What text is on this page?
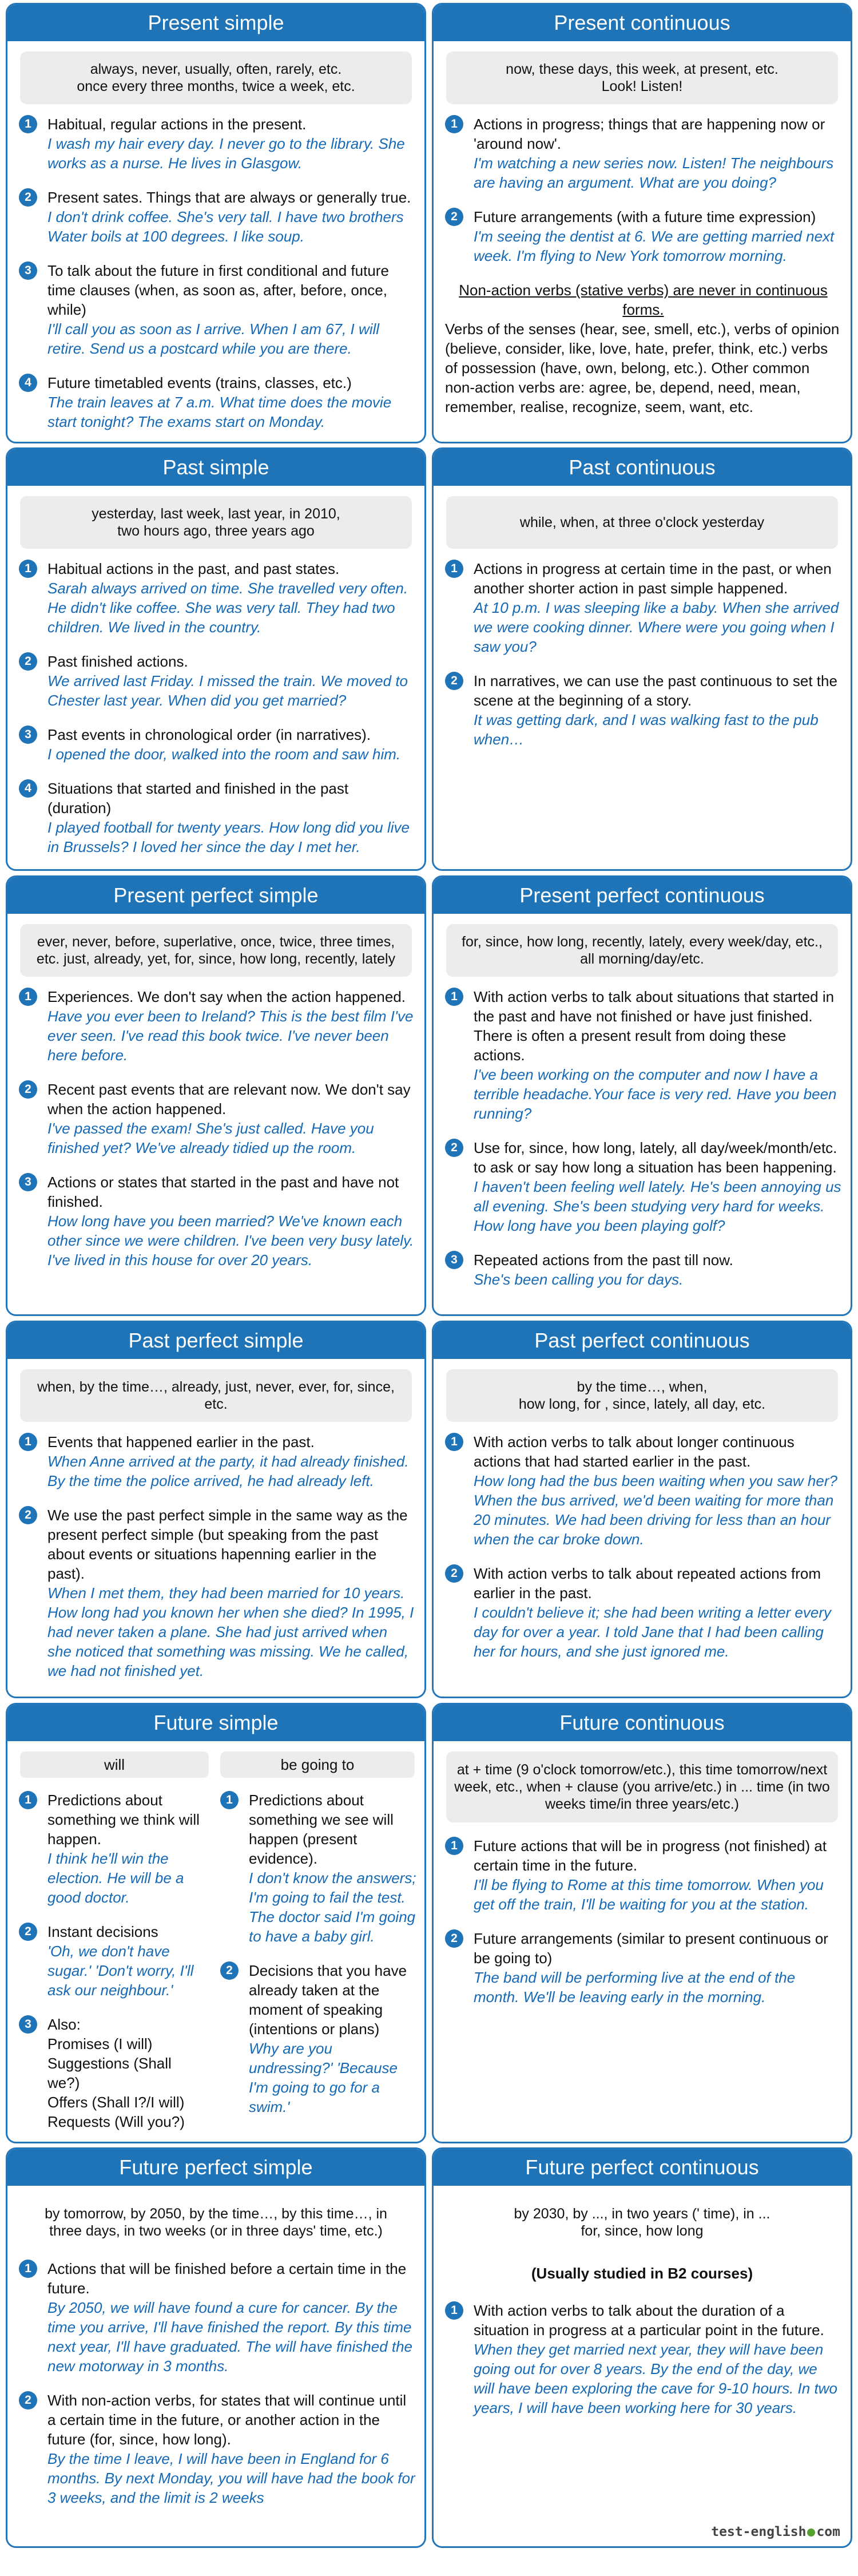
Present simple
always, never, usually, often, rarely, etc.
once every three months, twice a week, etc.
1	Habitual, regular actions in the present.
I wash my hair every day. I never go to the library. She works as a nurse. He lives in Glasgow.
2	Present sates. Things that are always or generally true.
I don't drink coffee. She's very tall. I have two brothers Water boils at 100 degrees. I like soup.
3	To talk about the future in first conditional and future time clauses (when, as soon as, after, before, once, while)
I'll call you as soon as I arrive. When I am 67, I will retire. Send us a postcard while you are there.
4	Future timetabled events (trains, classes, etc.)
The train leaves at 7 a.m. What time does the movie start tonight? The exams start on Monday.
Present continuous
now, these days, this week, at present, etc.
Look! Listen!
1	Actions in progress; things that are happening now or 'around now'.
I'm watching a new series now. Listen! The neighbours are having an argument. What are you doing?
2	Future arrangements (with a future time expression)
I'm seeing the dentist at 6. We are getting married next week. I'm flying to New York tomorrow morning.
Non-action verbs (stative verbs) are never in continuous forms.
Verbs of the senses (hear, see, smell, etc.), verbs of opinion (believe, consider, like, love, hate, prefer, think, etc.) verbs of possession (have, own, belong, etc.). Other common non-action verbs are: agree, be, depend, need, mean, remember, realise, recognize, seem, want, etc.
Past simple
yesterday, last week, last year, in 2010,
two hours ago, three years ago
1	Habitual actions in the past, and past states.
Sarah always arrived on time. She travelled very often. He didn't like coffee. She was very tall. They had two children. We lived in the country.
2	Past finished actions.
We arrived last Friday. I missed the train. We moved to Chester last year. When did you get married?
3	Past events in chronological order (in narratives).
I opened the door, walked into the room and saw him.
4	Situations that started and finished in the past (duration)
I played football for twenty years. How long did you live in Brussels? I loved her since the day I met her.
Past continuous
while, when, at three o'clock yesterday
1	Actions in progress at certain time in the past, or when another shorter action in past simple happened.
At 10 p.m. I was sleeping like a baby. When she arrived we were cooking dinner. Where were you going when I saw you?
2	In narratives, we can use the past continuous to set the scene at the beginning of a story.
It was getting dark, and I was walking fast to the pub when…
Present perfect simple
ever, never, before, superlative, once, twice, three times, etc. just, already, yet, for, since, how long, recently, lately
1	Experiences. We don't say when the action happened.
Have you ever been to Ireland? This is the best film I've ever seen. I've read this book twice. I've never been here before.
2	Recent past events that are relevant now. We don't say when the action happened.
I've passed the exam! She's just called. Have you finished yet? We've already tidied up the room.
3	Actions or states that started in the past and have not finished.
How long have you been married? We've known each other since we were children. I've been very busy lately. I've lived in this house for over 20 years.
Present perfect continuous
for, since, how long, recently, lately, every week/day, etc., all morning/day/etc.
1	With action verbs to talk about situations that started in the past and have not finished or have just finished. There is often a present result from doing these actions.
I've been working on the computer and now I have a terrible headache.Your face is very red. Have you been running?
2	Use for, since, how long, lately, all day/week/month/etc. to ask or say how long a situation has been happening.
I haven't been feeling well lately. He's been annoying us all evening. She's been studying very hard for weeks. How long have you been playing golf?
3	Repeated actions from the past till now.
She's been calling you for days.
Past perfect simple
when, by the time…, already, just, never, ever, for, since, etc.
1	Events that happened earlier in the past.
When Anne arrived at the party, it had already finished. By the time the police arrived, he had already left.
2	We use the past perfect simple in the same way as the present perfect simple (but speaking from the past about events or situations hapenning earlier in the past).
When I met them, they had been married for 10 years. How long had you known her when she died? In 1995, I had never taken a plane. She had just arrived when she noticed that something was missing. We he called, we had not finished yet.
Past perfect continuous
by the time…, when,
how long, for , since, lately, all day, etc.
1	With action verbs to talk about longer continuous actions that had started earlier in the past.
How long had the bus been waiting when you saw her? When the bus arrived, we'd been waiting for more than 20 minutes. We had been driving for less than an hour when the car broke down.
2	With action verbs to talk about repeated actions from earlier in the past.
I couldn't believe it; she had been writing a letter every day for over a year. I told Jane that I had been calling her for hours, and she just ignored me.
Future simple
will	be going to
1	Predictions about something we think will happen.
I think he'll win the election. He will be a good doctor.
2	Instant decisions
'Oh, we don't have sugar.' 'Don't worry, I'll ask our neighbour.'
3	Also:
Promises (I will)
Suggestions (Shall we?)
Offers (Shall I?/I will)
Requests (Will you?)
1	Predictions about something we see will happen (present evidence).
I don't know the answers; I'm going to fail the test. The doctor said I'm going to have a baby girl.
2	Decisions that you have already taken at the moment of speaking (intentions or plans)
Why are you undressing?' 'Because I'm going to go for a swim.'
Future continuous
at + time (9 o'clock tomorrow/etc.), this time tomorrow/next week, etc., when + clause (you arrive/etc.) in ... time (in two weeks time/in three years/etc.)
1	Future actions that will be in progress (not finished) at certain time in the future.
I'll be flying to Rome at this time tomorrow. When you get off the train, I'll be waiting for you at the station.
2	Future arrangements (similar to present continuous or be going to)
The band will be performing live at the end of the month. We'll be leaving early in the morning.
Future perfect simple
by tomorrow, by 2050, by the time…, by this time…, in three days, in two weeks (or in three days' time, etc.)
1	Actions that will be finished before a certain time in the future.
By 2050, we will have found a cure for cancer. By the time you arrive, I'll have finished the report. By this time next year, I'll have graduated. The will have finished the new motorway in 3 months.
2	With non-action verbs, for states that will continue until a certain time in the future, or another action in the future (for, since, how long).
By the time I leave, I will have been in England for 6 months. By next Monday, you will have had the book for 3 weeks, and the limit is 2 weeks
Future perfect continuous
by 2030, by ..., in two years (' time), in ...
for, since, how long
(Usually studied in B2 courses)
1	With action verbs to talk about the duration of a situation in progress at a particular point in the future.
When they get married next year, they will have been going out for over 8 years. By the end of the day, we will have been exploring the cave for 9-10 hours. In two years, I will have been working here for 30 years.
test-english com
